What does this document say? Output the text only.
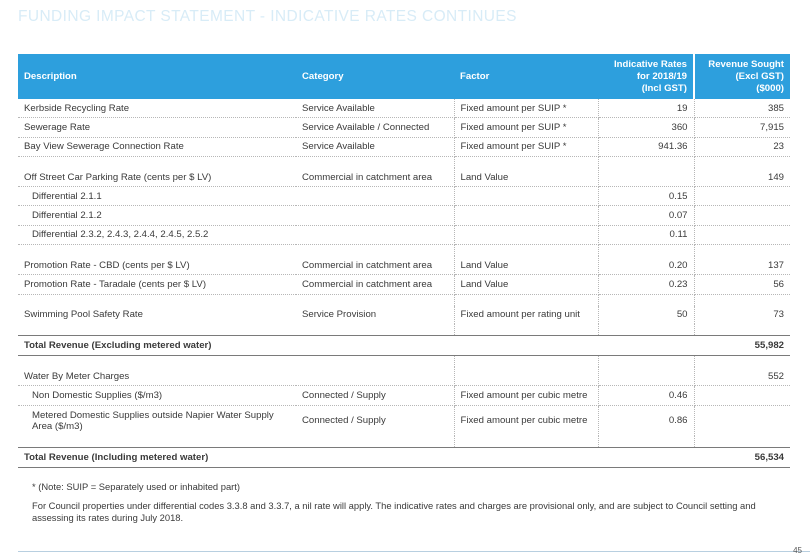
FUNDING IMPACT STATEMENT - INDICATIVE RATES CONTINUES
Description	Category	Factor	Indicative Rates
for 2018/19
(Incl GST)	Revenue Sought
(Excl GST)
($000)
Kerbside Recycling Rate	Service Available	Fixed amount per SUIP *	19	385
Sewerage Rate	Service Available / Connected	Fixed amount per SUIP *	360	7,915
Bay View Sewerage Connection Rate	Service Available	Fixed amount per SUIP *	941.36	23

Off Street Car Parking Rate (cents per $ LV)	Commercial in catchment area	Land Value		149
Differential 2.1.1			0.15	
Differential 2.1.2			0.07	
Differential 2.3.2, 2.4.3, 2.4.4, 2.4.5, 2.5.2			0.11	

Promotion Rate - CBD (cents per $ LV)	Commercial in catchment area	Land Value	0.20	137
Promotion Rate - Taradale (cents per $ LV)	Commercial in catchment area	Land Value	0.23	56

Swimming Pool Safety Rate	Service Provision	Fixed amount per rating unit	50	73

Total Revenue (Excluding metered water)				55,982

Water By Meter Charges				552
Non Domestic Supplies ($/m3)	Connected / Supply	Fixed amount per cubic metre	0.46	
Metered Domestic Supplies outside Napier Water Supply
Area ($/m3)	Connected / Supply	Fixed amount per cubic metre	0.86	

Total Revenue (Including metered water)				56,534

* (Note: SUIP = Separately used or inhabited part)

For Council properties under differential codes 3.3.8 and 3.3.7, a nil rate will apply. The indicative rates and charges are provisional only, and are subject to Council setting and assessing its rates during July 2018.

45
